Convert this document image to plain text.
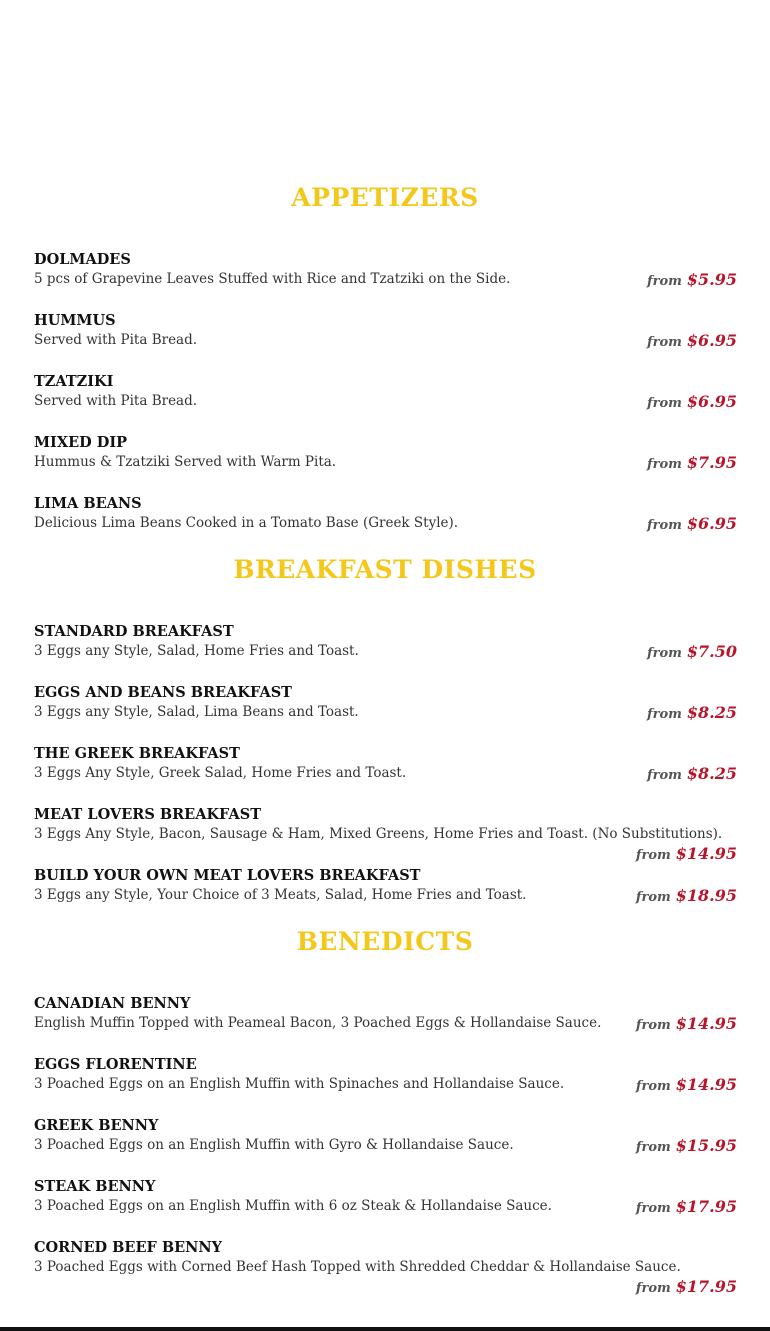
APPETIZERS
DOLMADES
5 pcs of Grapevine Leaves Stuffed with Rice and Tzatziki on the Side.	from $5.95
HUMMUS
Served with Pita Bread.	from $6.95
TZATZIKI
Served with Pita Bread.	from $6.95
MIXED DIP
Hummus & Tzatziki Served with Warm Pita.	from $7.95
LIMA BEANS
Delicious Lima Beans Cooked in a Tomato Base (Greek Style).	from $6.95
BREAKFAST DISHES
STANDARD BREAKFAST
3 Eggs any Style, Salad, Home Fries and Toast.	from $7.50
EGGS AND BEANS BREAKFAST
3 Eggs any Style, Salad, Lima Beans and Toast.	from $8.25
THE GREEK BREAKFAST
3 Eggs Any Style, Greek Salad, Home Fries and Toast.	from $8.25
MEAT LOVERS BREAKFAST
3 Eggs Any Style, Bacon, Sausage & Ham, Mixed Greens, Home Fries and Toast. (No Substitutions).
from $14.95
BUILD YOUR OWN MEAT LOVERS BREAKFAST
3 Eggs any Style, Your Choice of 3 Meats, Salad, Home Fries and Toast.	from $18.95
BENEDICTS
CANADIAN BENNY
English Muffin Topped with Peameal Bacon, 3 Poached Eggs & Hollandaise Sauce.	from $14.95
EGGS FLORENTINE
3 Poached Eggs on an English Muffin with Spinaches and Hollandaise Sauce.	from $14.95
GREEK BENNY
3 Poached Eggs on an English Muffin with Gyro & Hollandaise Sauce.	from $15.95
STEAK BENNY
3 Poached Eggs on an English Muffin with 6 oz Steak & Hollandaise Sauce.	from $17.95
CORNED BEEF BENNY
3 Poached Eggs with Corned Beef Hash Topped with Shredded Cheddar & Hollandaise Sauce.
from $17.95
